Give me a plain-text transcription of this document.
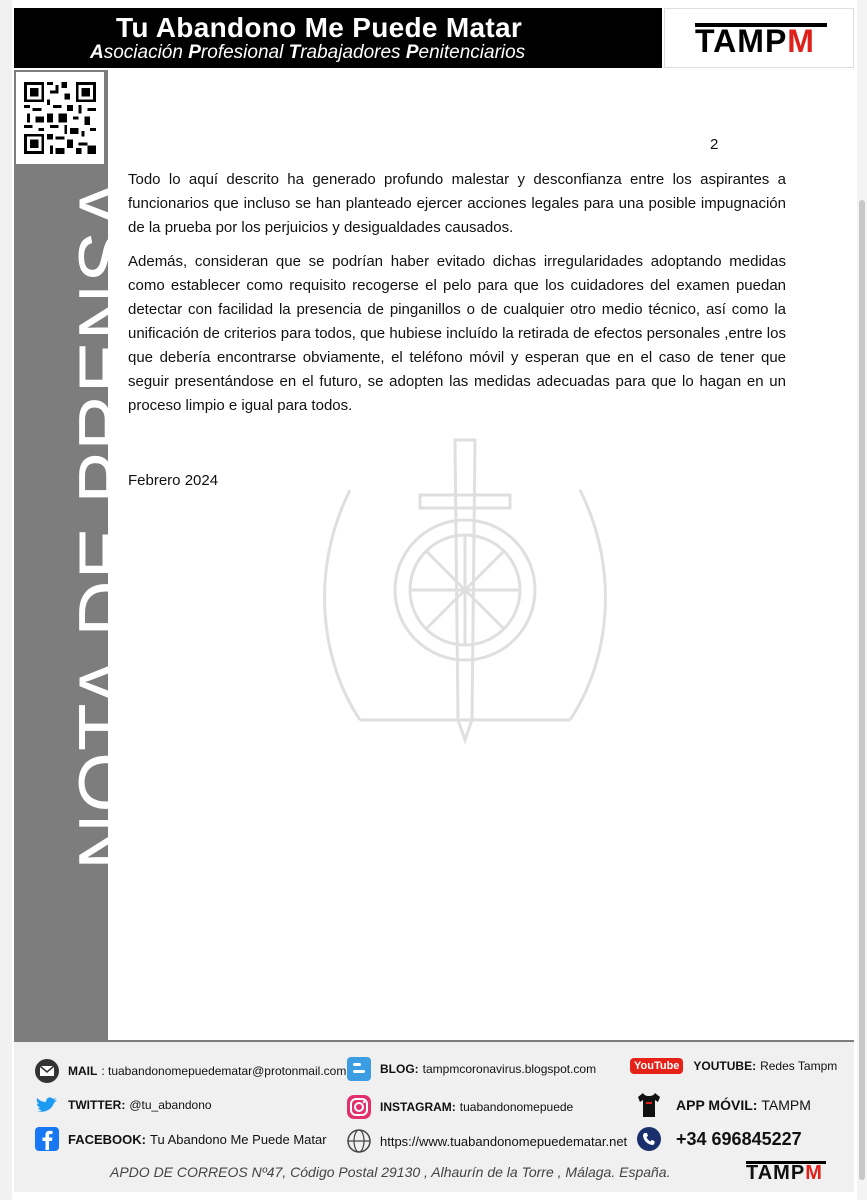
Tu Abandono Me Puede Matar
Asociación Profesional Trabajadores Penitenciarios	TAMPM
NOTA DE PRENSA
2

Todo lo aquí descrito ha generado profundo malestar y desconfianza entre los aspirantes a funcionarios que incluso se han planteado ejercer acciones legales para una posible impugnación de la prueba por los perjuicios y desigualdades causados.

Además, consideran que se podrían haber evitado dichas irregularidades adoptando medidas como establecer como requisito recogerse el pelo para que los cuidadores del examen puedan detectar con facilidad la presencia de pinganillos o de cualquier otro medio técnico, así como la unificación de criterios para todos, que hubiese incluído la retirada de efectos personales ,entre los que debería encontrarse obviamente, el teléfono móvil y esperan que en el caso de tener que seguir presentándose en el futuro, se adopten las medidas adecuadas para que lo hagan en un proceso limpio e igual para todos.

Febrero 2024
MAIL : tuabandonomepuedematar@protonmail.com
TWITTER: @tu_abandono
FACEBOOK: Tu Abandono Me Puede Matar
BLOG: tampmcoronavirus.blogspot.com
INSTAGRAM: tuabandonomepuede
https://www.tuabandonomepuedematar.net
YouTube	YOUTUBE: Redes Tampm
APP MÓVIL: TAMPM
+34 696845227
APDO DE CORREOS Nº47, Código Postal 29130 , Alhaurín de la Torre , Málaga. España.	TAMPM
